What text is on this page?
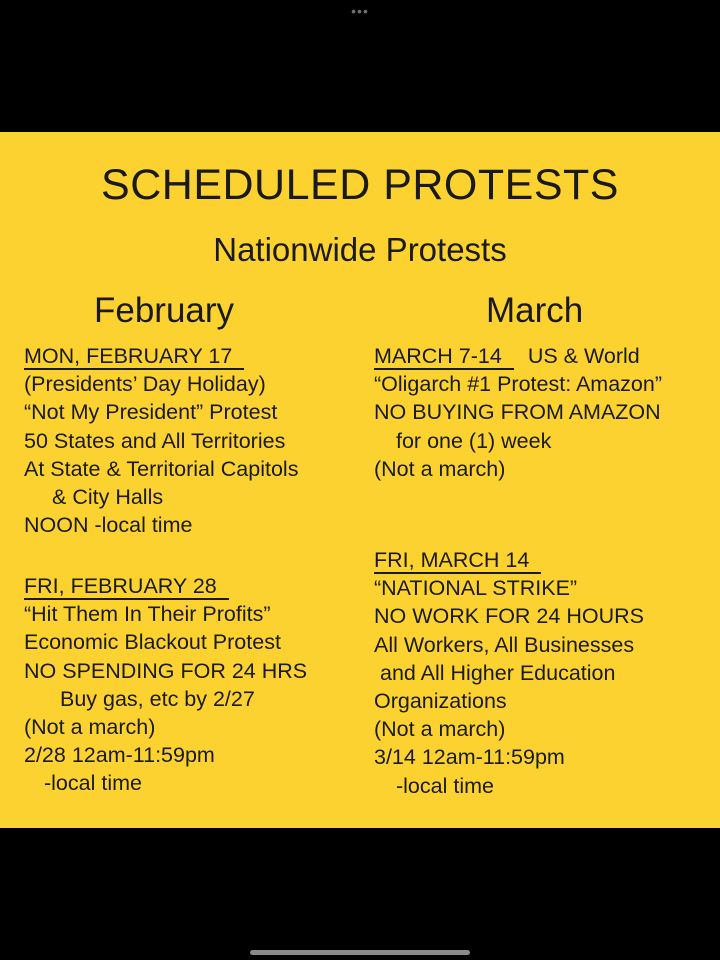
•••
SCHEDULED PROTESTS
Nationwide Protests
February	March
MON, FEBRUARY 17
(Presidents’ Day Holiday)
“Not My President” Protest
50 States and All Territories
At State & Territorial Capitols
& City Halls
NOON -local time
FRI, FEBRUARY 28
“Hit Them In Their Profits”
Economic Blackout Protest
NO SPENDING FOR 24 HRS
Buy gas, etc by 2/27
(Not a march)
2/28 12am-11:59pm
-local time
MARCH 7-14 US & World
“Oligarch #1 Protest: Amazon”
NO BUYING FROM AMAZON
for one (1) week
(Not a march)
FRI, MARCH 14
“NATIONAL STRIKE”
NO WORK FOR 24 HOURS
All Workers, All Businesses
and All Higher Education
Organizations
(Not a march)
3/14 12am-11:59pm
-local time
